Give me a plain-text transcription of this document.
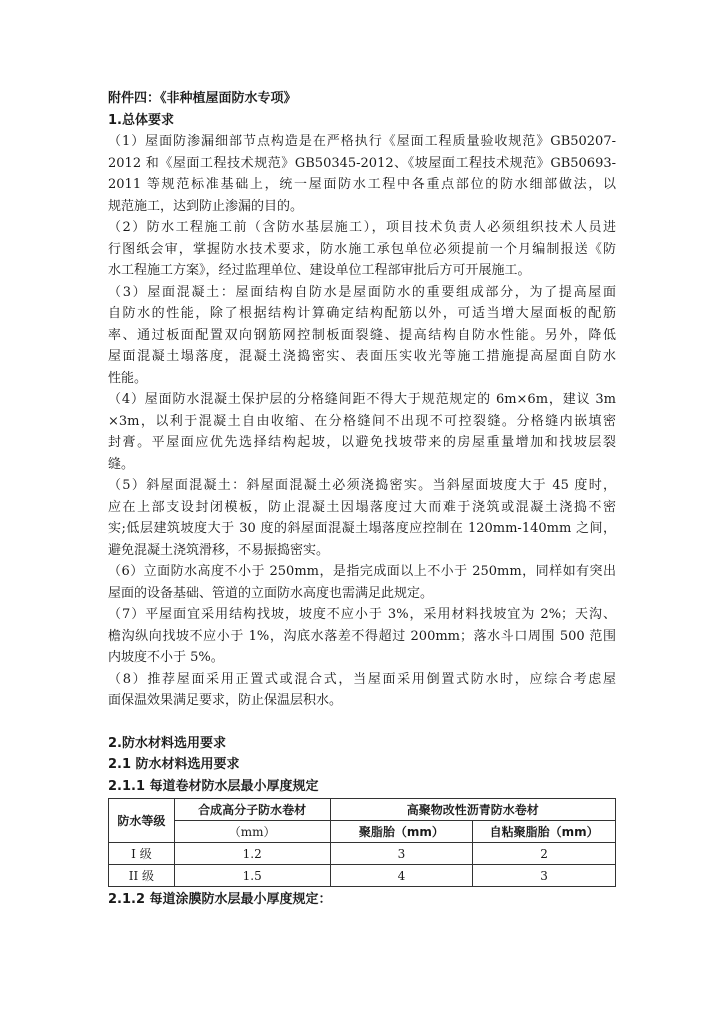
附件四：《非种植屋面防水专项》
1.总体要求
（1）屋面防渗漏细部节点构造是在严格执行《屋面工程质量验收规范》GB50207-
2012 和《屋面工程技术规范》GB50345-2012、《坡屋面工程技术规范》GB50693-
2011 等规范标准基础上，统一屋面防水工程中各重点部位的防水细部做法，以
规范施工，达到防止渗漏的目的。
（2）防水工程施工前（含防水基层施工），项目技术负责人必须组织技术人员进
行图纸会审，掌握防水技术要求，防水施工承包单位必须提前一个月编制报送《防
水工程施工方案》，经过监理单位、建设单位工程部审批后方可开展施工。
（3）屋面混凝土：屋面结构自防水是屋面防水的重要组成部分，为了提高屋面
自防水的性能，除了根据结构计算确定结构配筋以外，可适当增大屋面板的配筋
率、通过板面配置双向钢筋网控制板面裂缝、提高结构自防水性能。另外，降低
屋面混凝土塌落度，混凝土浇捣密实、表面压实收光等施工措施提高屋面自防水
性能。
（4）屋面防水混凝土保护层的分格缝间距不得大于规范规定的 6m×6m，建议 3m
×3m，以利于混凝土自由收缩、在分格缝间不出现不可控裂缝。分格缝内嵌填密
封膏。平屋面应优先选择结构起坡，以避免找坡带来的房屋重量增加和找坡层裂
缝。
（5）斜屋面混凝土：斜屋面混凝土必须浇捣密实。当斜屋面坡度大于 45 度时，
应在上部支设封闭模板，防止混凝土因塌落度过大而难于浇筑或混凝土浇捣不密
实;低层建筑坡度大于 30 度的斜屋面混凝土塌落度应控制在 120mm-140mm 之间，
避免混凝土浇筑滑移，不易振捣密实。
（6）立面防水高度不小于 250mm，是指完成面以上不小于 250mm，同样如有突出
屋面的设备基础、管道的立面防水高度也需满足此规定。
（7）平屋面宜采用结构找坡，坡度不应小于 3%，采用材料找坡宜为 2%；天沟、
檐沟纵向找坡不应小于 1%，沟底水落差不得超过 200mm；落水斗口周围 500 范围
内坡度不小于 5%。
（8）推荐屋面采用正置式或混合式，当屋面采用倒置式防水时，应综合考虑屋
面保温效果满足要求，防止保温层积水。
2.防水材料选用要求
2.1 防水材料选用要求
2.1.1 每道卷材防水层最小厚度规定
防水等级	合成高分子防水卷材	高聚物改性沥青防水卷材	
	（mm）	聚脂胎（mm）	自粘聚脂胎（mm）
I 级	1.2	3	2
II 级	1.5	4	3
2.1.2 每道涂膜防水层最小厚度规定：
